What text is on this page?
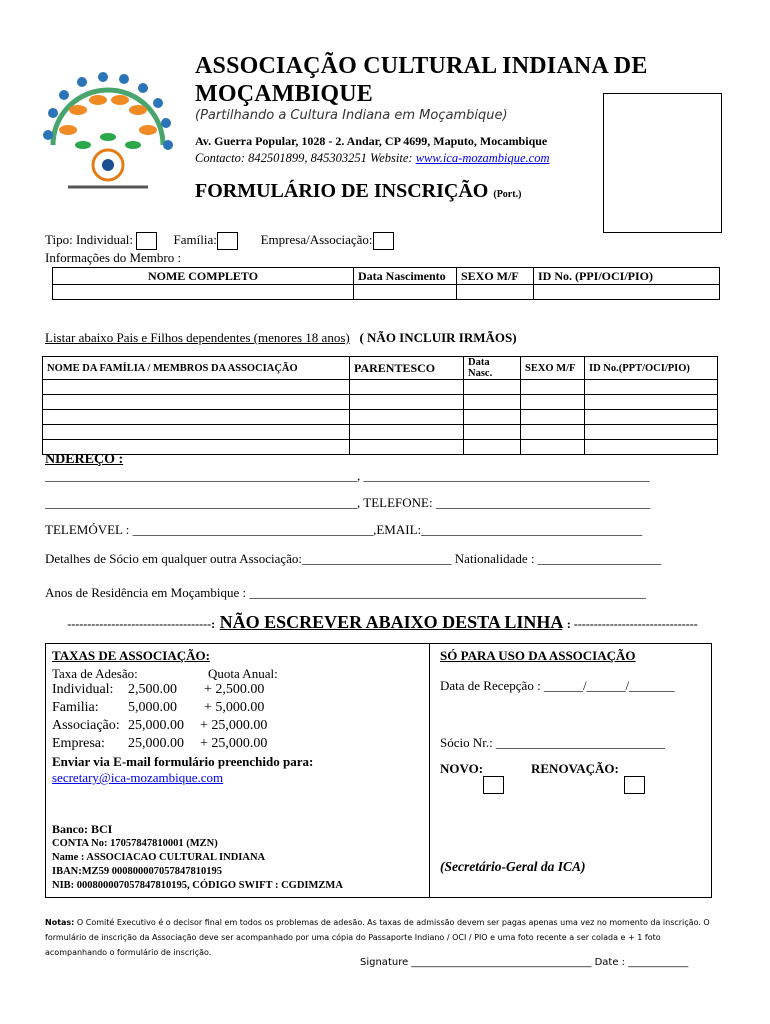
ASSOCIAÇÃO CULTURAL INDIANA DE
MOÇAMBIQUE
(Partilhando a Cultura Indiana em Moçambique)
Av. Guerra Popular, 1028 - 2. Andar, CP 4699, Maputo, Mocambique
Contacto: 842501899, 845303251 Website: www.ica-mozambique.com
FORMULÁRIO DE INSCRIÇÃO (Port.)
Tipo: Individual:	Família:	Empresa/Associação:
Informações do Membro :
NOME COMPLETO	Data Nascimento	SEXO M/F	ID No. (PPI/OCI/PIO)

Listar abaixo Pais e Filhos dependentes (menores 18 anos) ( NÃO INCLUIR IRMÃOS)
NOME DA FAMÍLIA / MEMBROS DA ASSOCIAÇÃO	PARENTESCO	Data Nasc.	SEXO M/F	ID No.(PPT/OCI/PIO)

NDEREÇO :
________________________________________________, ____________________________________________
________________________________________________, TELEFONE: _________________________________
TELEMÓVEL : _____________________________________,EMAIL:__________________________________
Detalhes de Sócio em qualquer outra Associação:_______________________ Nationalidade : ___________________
Anos de Residência em Moçambique : _____________________________________________________________
------------------------------------: NÃO ESCREVER ABAIXO DESTA LINHA : -------------------------------
TAXAS DE ASSOCIAÇÃO:
Taxa de Adesão:	Quota Anual:
Individual: 2,500.00 + 2,500.00
Familia: 5,000.00 + 5,000.00
Associação: 25,000.00 + 25,000.00
Empresa: 25,000.00 + 25,000.00
Enviar via E-mail formulário preenchido para:
secretary@ica-mozambique.com
Banco: BCI
CONTA No: 17057847810001 (MZN)
Name : ASSOCIACAO CULTURAL INDIANA
IBAN:MZ59 000800007057847810195
NIB: 000800007057847810195, CÓDIGO SWIFT : CGDIMZMA
SÓ PARA USO DA ASSOCIAÇÃO
Data de Recepção : ______/______/_______
Sócio Nr.: __________________________
NOVO:	RENOVAÇÃO:
(Secretário-Geral da ICA)
Notas: O Comité Executivo é o decisor final em todos os problemas de adesão. As taxas de admissão devem ser pagas apenas uma vez no momento da inscrição. O formulário de inscrição da Associação deve ser acompanhado por uma cópia do Passaporte Indiano / OCI / PIO e uma foto recente a ser colada e + 1 foto acompanhando o formulário de inscrição.
Signature ____________________________________ Date : ____________
